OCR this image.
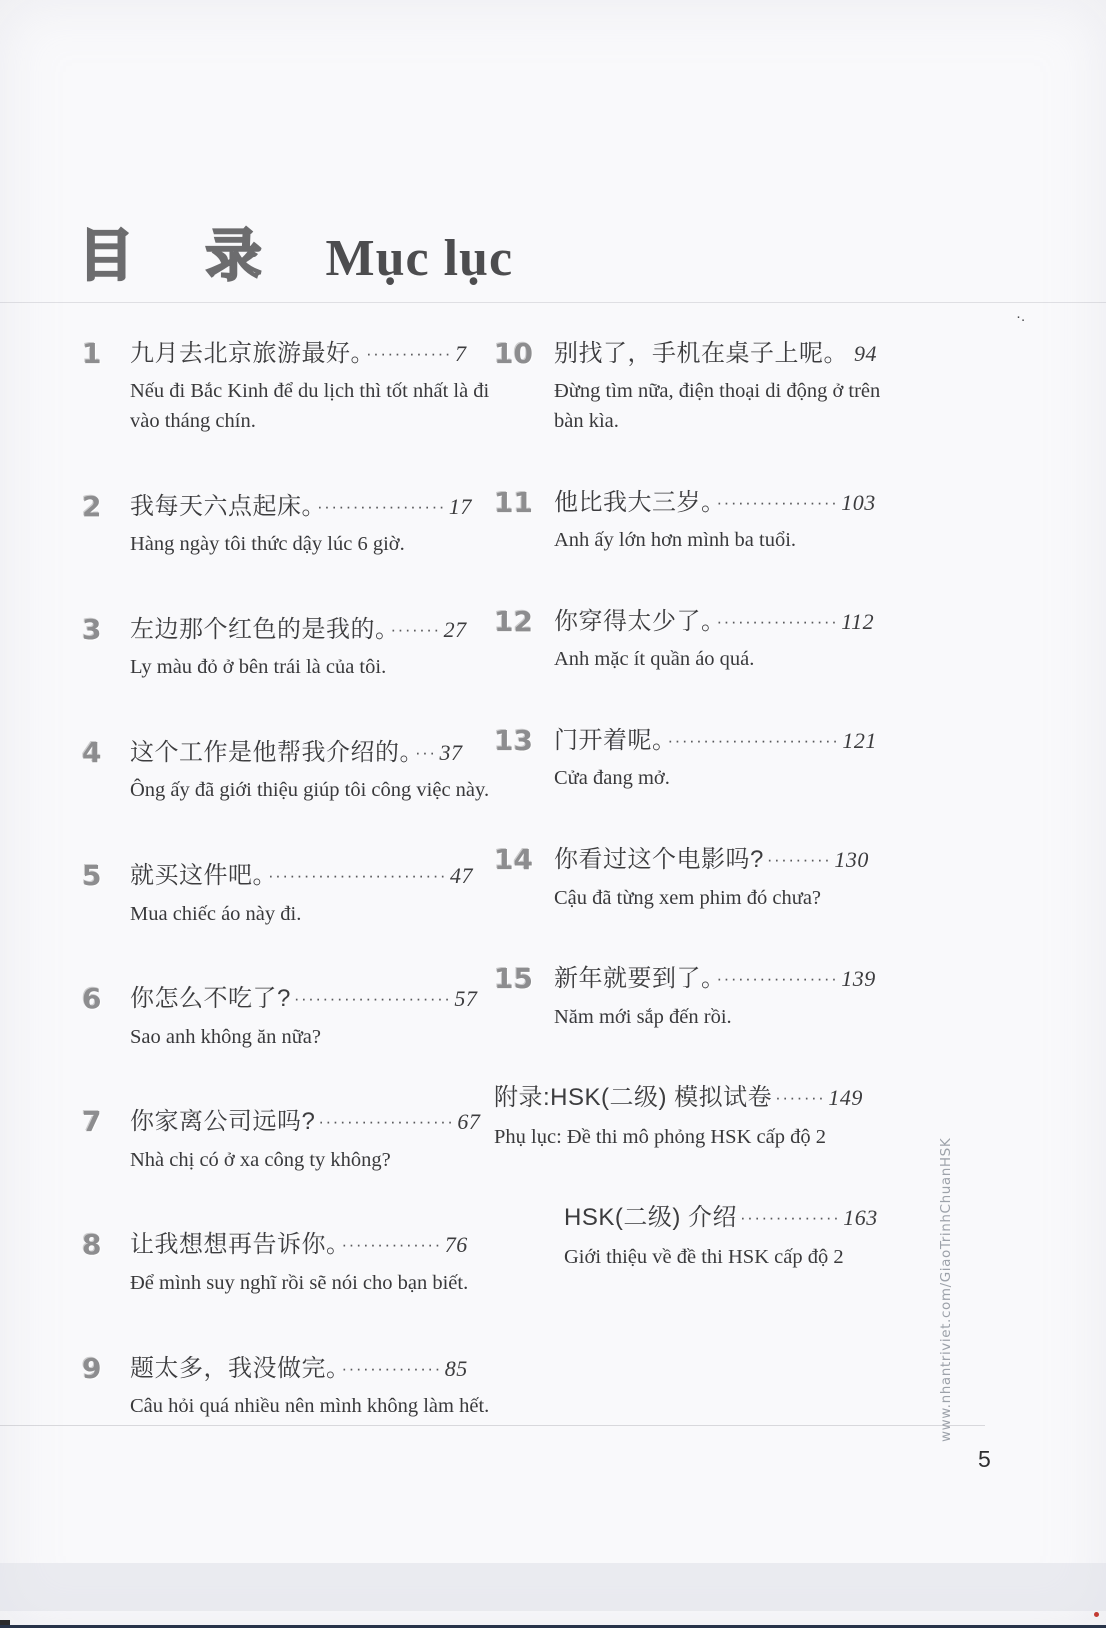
目 录 Mục lục
1	九月去北京旅游最好。 ············ 7
Nếu đi Bắc Kinh để du lịch thì tốt nhất là đi vào tháng chín.
2	我每天六点起床。 ·················· 17
Hàng ngày tôi thức dậy lúc 6 giờ.
3	左边那个红色的是我的。 ······· 27
Ly màu đỏ ở bên trái là của tôi.
4	这个工作是他帮我介绍的。 ··· 37
Ông ấy đã giới thiệu giúp tôi công việc này.
5	就买这件吧。 ························· 47
Mua chiếc áo này đi.
6	你怎么不吃了? ······················ 57
Sao anh không ăn nữa?
7	你家离公司远吗? ··················· 67
Nhà chị có ở xa công ty không?
8	让我想想再告诉你。 ·············· 76
Để mình suy nghĩ rồi sẽ nói cho bạn biết.
9	题太多，我没做完。 ·············· 85
Câu hỏi quá nhiều nên mình không làm hết.
10 别找了，手机在桌子上呢。 94
Đừng tìm nữa, điện thoại di động ở trên bàn kìa.
11 他比我大三岁。 ················· 103
Anh ấy lớn hơn mình ba tuổi.
12 你穿得太少了。 ················· 112
Anh mặc ít quần áo quá.
13 门开着呢。 ························ 121
Cửa đang mở.
14 你看过这个电影吗? ········· 130
Cậu đã từng xem phim đó chưa?
15 新年就要到了。 ················· 139
Năm mới sắp đến rồi.
附录:HSK(二级) 模拟试卷 ······· 149
Phụ lục: Đề thi mô phỏng HSK cấp độ 2
HSK(二级) 介绍 ·············· 163
Giới thiệu về đề thi HSK cấp độ 2	www.nhantriviet.com/GiaoTrinhChuanHSK
5
·.
